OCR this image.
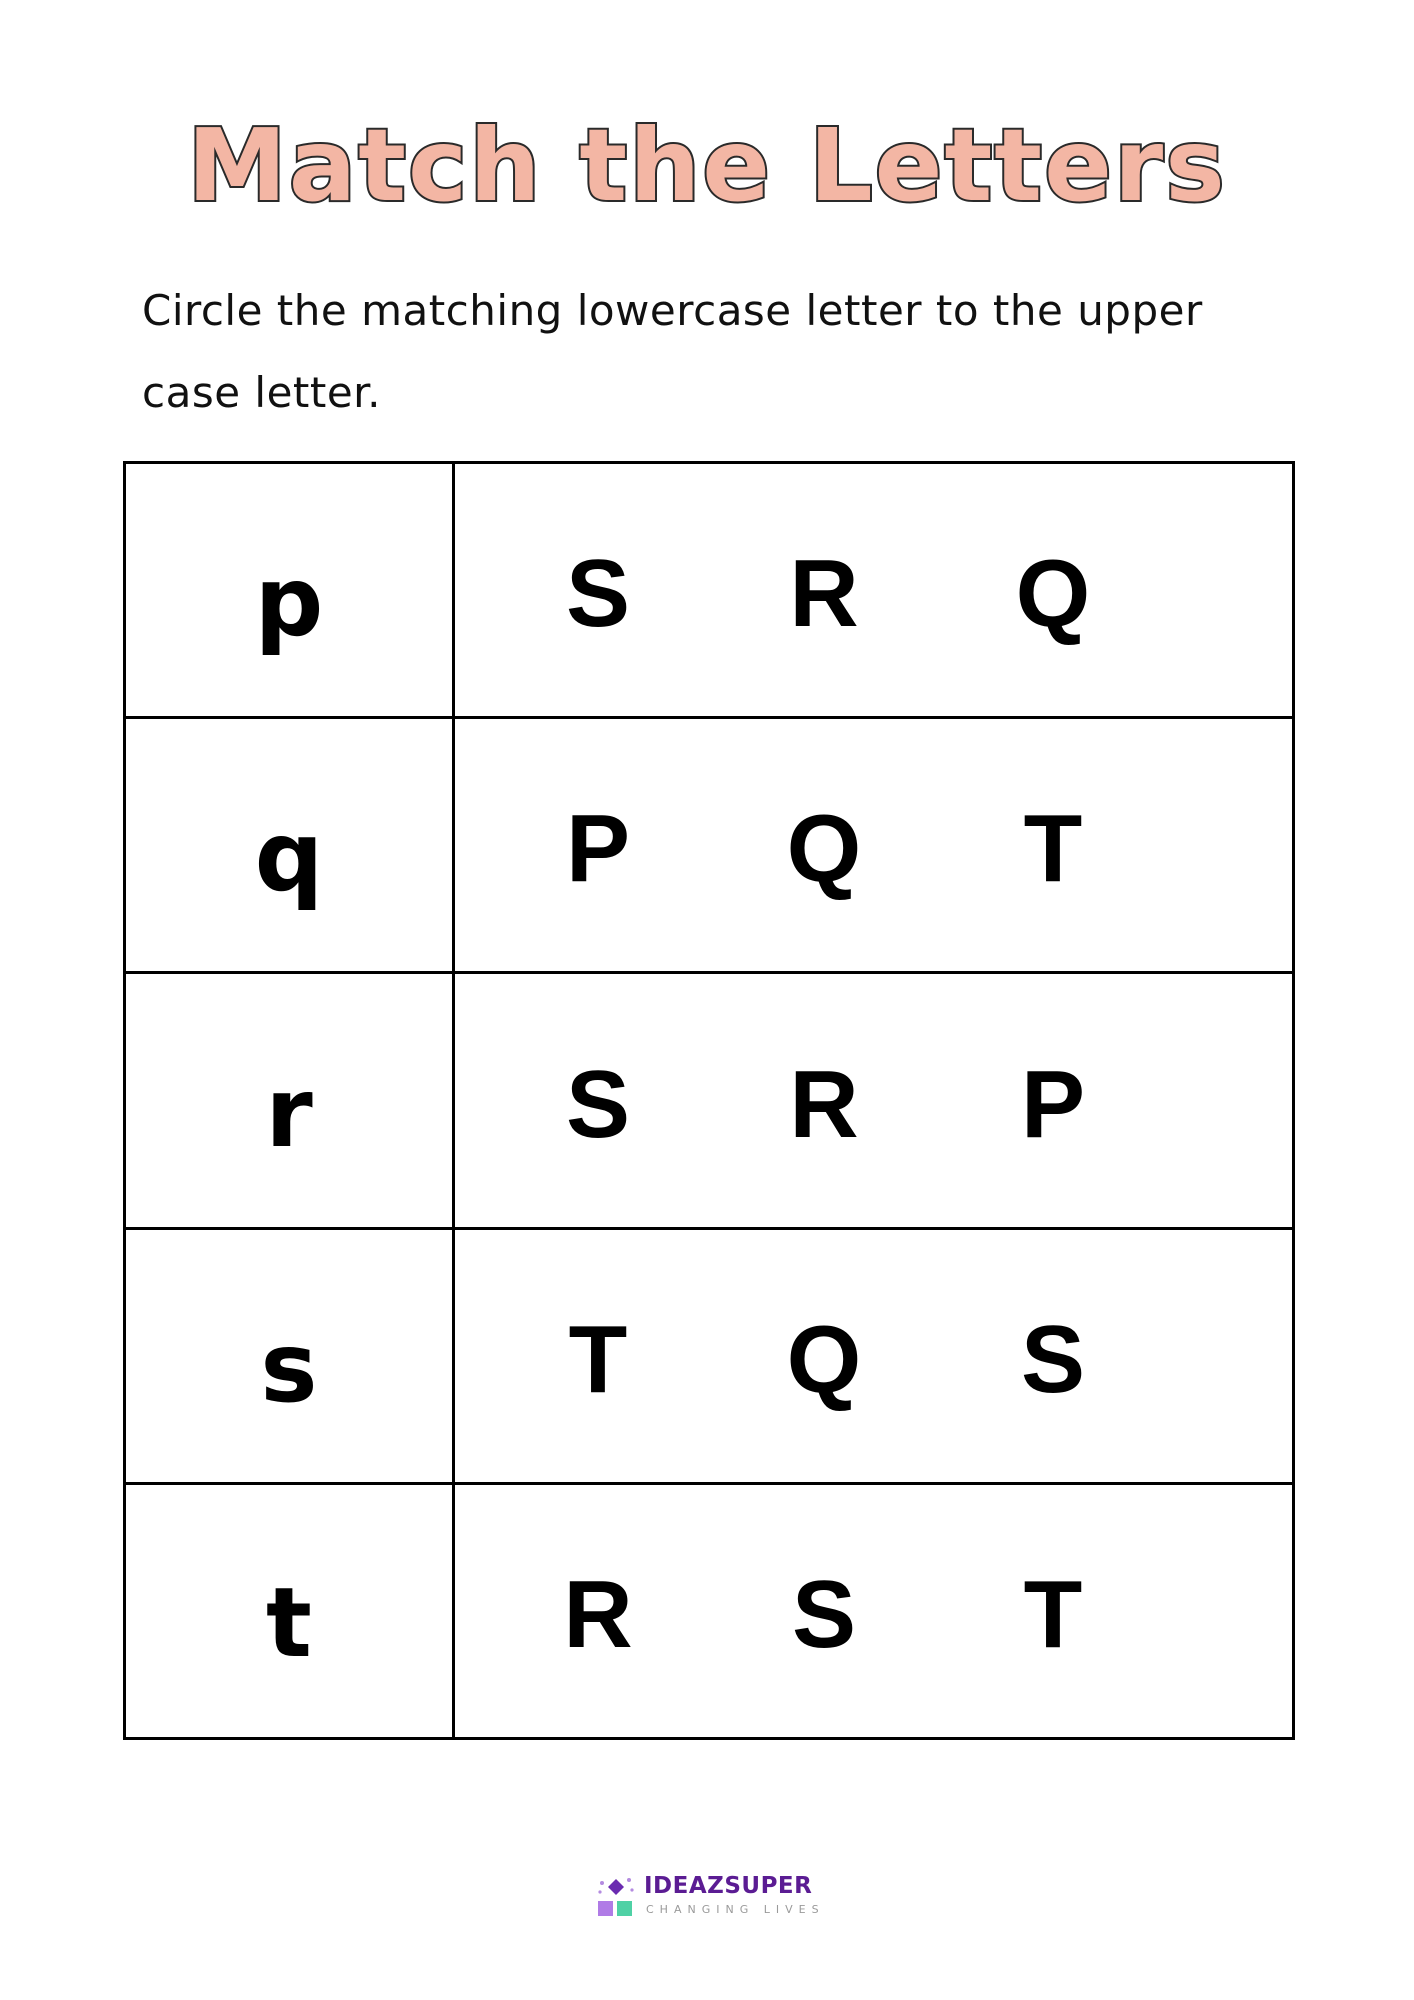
Match the Letters
Circle the matching lowercase letter to the upper case letter.
p	S R Q
q	P Q T
r	S R P
s	T Q S
t	R S T
IDEAZSUPER
CHANGING LIVES
